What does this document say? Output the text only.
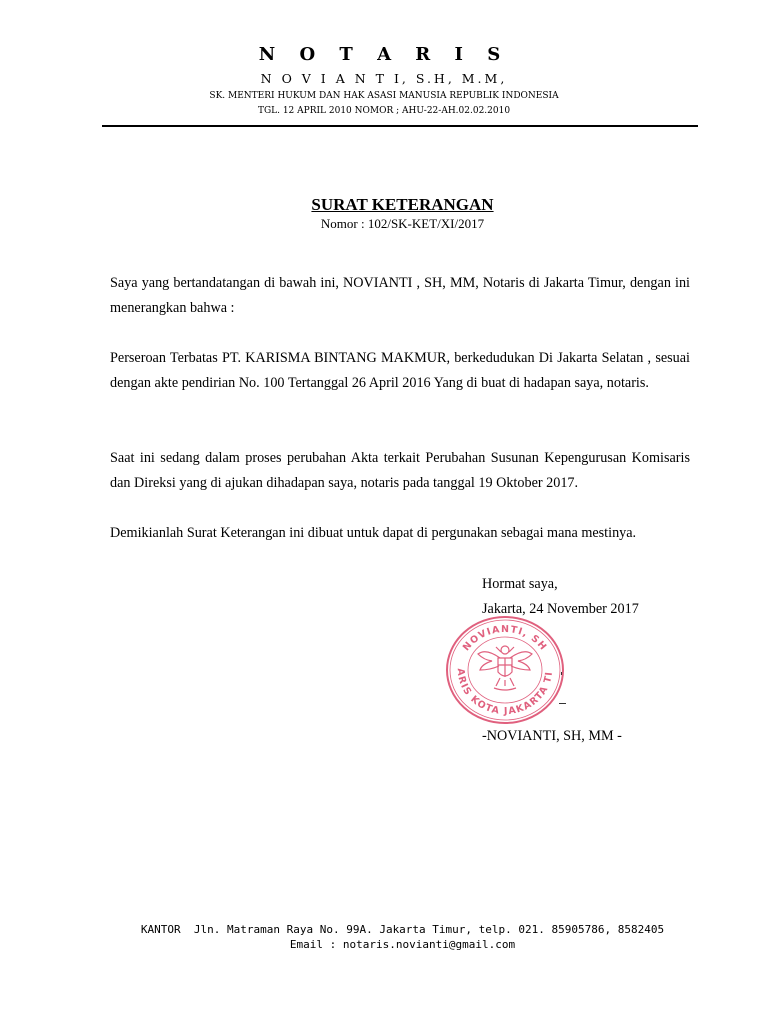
N O T A R I S
N O V I A N T I, S.H, M.M,
SK. MENTERI HUKUM DAN HAK ASASI MANUSIA REPUBLIK INDONESIA
TGL. 12 APRIL 2010 NOMOR ; AHU-22-AH.02.02.2010
SURAT KETERANGAN
Nomor : 102/SK-KET/XI/2017
Saya yang bertandatangan di bawah ini, NOVIANTI , SH, MM, Notaris di Jakarta Timur, dengan ini menerangkan bahwa :
Perseroan Terbatas PT. KARISMA BINTANG MAKMUR, berkedudukan Di Jakarta Selatan , sesuai dengan akte pendirian No. 100 Tertanggal 26 April 2016 Yang di buat di hadapan saya, notaris.
Saat ini sedang dalam proses perubahan Akta terkait Perubahan Susunan Kepengurusan Komisaris dan Direksi yang di ajukan dihadapan saya, notaris pada tanggal 19 Oktober 2017.
Demikianlah Surat Keterangan ini dibuat untuk dapat di pergunakan sebagai mana mestinya.
Hormat saya,
Jakarta, 24 November 2017
NOVIANTI, SH
ARIS KOTA JAKARTA TI
-NOVIANTI, SH, MM -
KANTOR  Jln. Matraman Raya No. 99A. Jakarta Timur, telp. 021. 85905786, 8582405
Email : notaris.novianti@gmail.com
